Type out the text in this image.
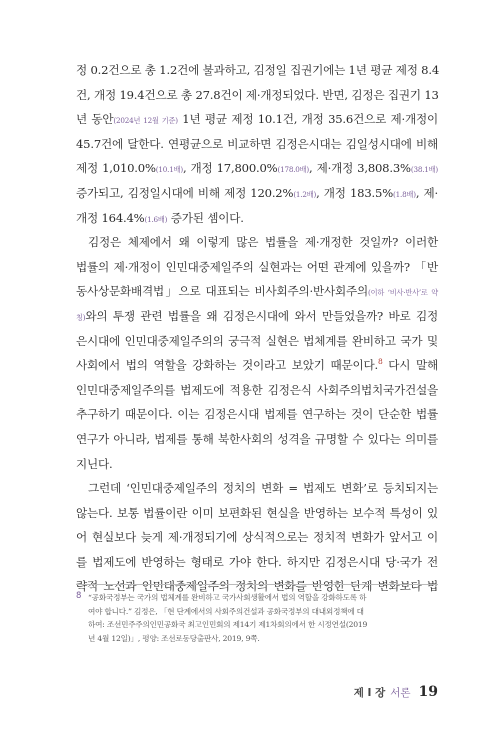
정 0.2건으로 총 1.2건에 불과하고, 김정일 집권기에는 1년 평균 제정 8.4
건, 개정 19.4건으로 총 27.8건이 제·개정되었다. 반면, 김정은 집권기 13
년 동안(2024년 12월 기준) 1년 평균 제정 10.1건, 개정 35.6건으로 제·개정이
45.7건에 달한다. 연평균으로 비교하면 김정은시대는 김일성시대에 비해
제정 1,010.0%(10.1배), 개정 17,800.0%(178.0배), 제·개정 3,808.3%(38.1배)
증가되고, 김정일시대에 비해 제정 120.2%(1.2배), 개정 183.5%(1.8배), 제·
개정 164.4%(1.6배) 증가된 셈이다.
김정은 체제에서 왜 이렇게 많은 법률을 제·개정한 것일까? 이러한
법률의 제·개정이 인민대중제일주의 실현과는 어떤 관계에 있을까? 「반
동사상문화배격법」으로 대표되는 비사회주의·반사회주의(이하 ‘비사·반사’로 약
칭)와의 투쟁 관련 법률을 왜 김정은시대에 와서 만들었을까? 바로 김정
은시대에 인민대중제일주의의 궁극적 실현은 법체계를 완비하고 국가 및
사회에서 법의 역할을 강화하는 것이라고 보았기 때문이다.$^8$ 다시 말해
인민대중제일주의를 법제도에 적용한 김정은식 사회주의법치국가건설을
추구하기 때문이다. 이는 김정은시대 법제를 연구하는 것이 단순한 법률
연구가 아니라, 법제를 통해 북한사회의 성격을 규명할 수 있다는 의미를
지닌다.
그런데 ‘인민대중제일주의 정치의 변화 = 법제도 변화’로 등치되지는
않는다. 보통 법률이란 이미 보편화된 현실을 반영하는 보수적 특성이 있
어 현실보다 늦게 제·개정되기에 상식적으로는 정치적 변화가 앞서고 이
를 법제도에 반영하는 형태로 가야 한다. 하지만 김정은시대 당·국가 전
략적 노선과 인민대중제일주의 정치의 변화를 반영한 단계 변화보다 법
8 “공화국정부는 국가의 법체계를 완비하고 국가사회생활에서 법의 역할을 강화하도록 하
여야 합니다.” 김정은, 「현 단계에서의 사회주의건설과 공화국정부의 대내외정책에 대
하여: 조선민주주의인민공화국 최고인민회의 제14기 제1차회의에서 한 시정연설(2019
년 4월 12일)」, 평양: 조선로동당출판사, 2019, 9쪽.
제 I 장 서론 19
